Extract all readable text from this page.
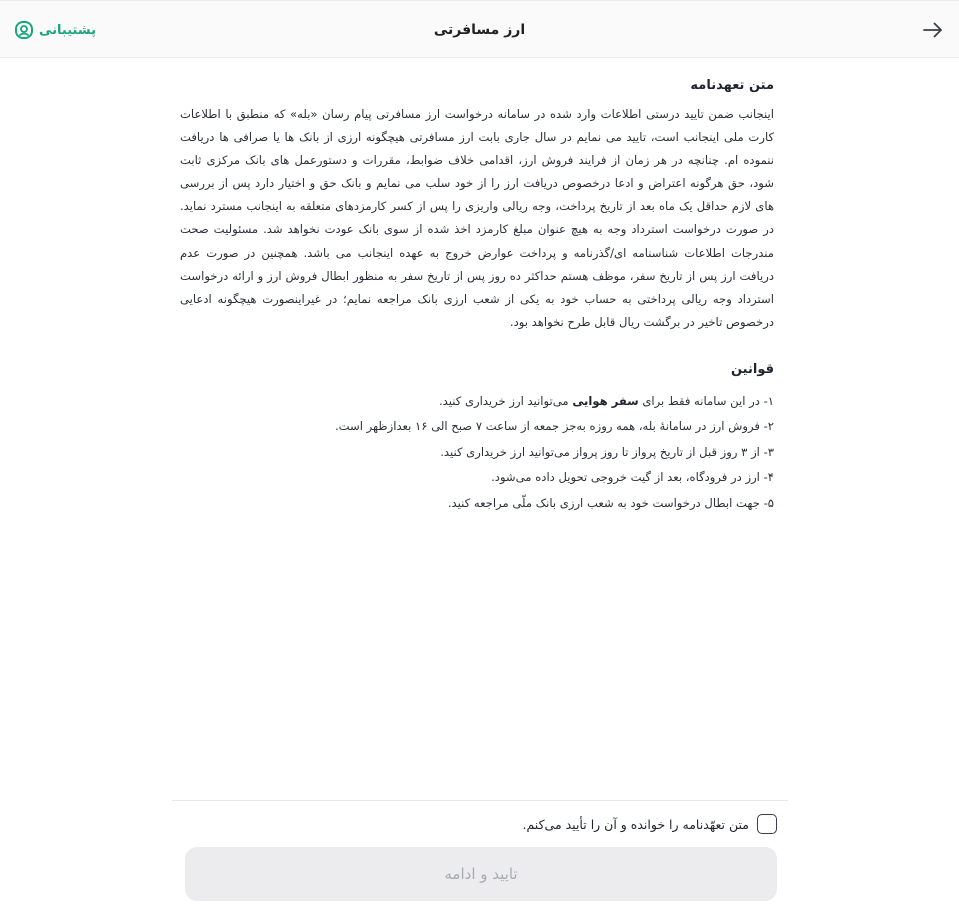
ارز مسافرتی
پشتیبانی
متن تعهدنامه

اینجانب ضمن تایید درستی اطلاعات وارد شده در سامانه درخواست ارز مسافرتی پیام رسان «بله» که منطبق با اطلاعات کارت ملی اینجانب است، تایید می نمایم در سال جاری بابت ارز مسافرتی هیچگونه ارزی از بانک ها یا صرافی ها دریافت ننموده ام. چنانچه در هر زمان از فرایند فروش ارز، اقدامی خلاف ضوابط، مقررات و دستورعمل های بانک مرکزی ثابت شود، حق هرگونه اعتراض و ادعا درخصوص دریافت ارز را از خود سلب می نمایم و بانک حق و اختیار دارد پس از بررسی های لازم حداقل یک ماه بعد از تاریخ پرداخت، وجه ریالی واریزی را پس از کسر کارمزدهای متعلقه به اینجانب مسترد نماید. در صورت درخواست استرداد وجه به هیچ عنوان مبلغ کارمزد اخذ شده از سوی بانک عودت نخواهد شد. مسئولیت صحت مندرجات اطلاعات شناسنامه ای/گذرنامه و پرداخت عوارض خروج به عهده اینجانب می باشد. همچنین در صورت عدم دریافت ارز پس از تاریخ سفر، موظف هستم حداکثر ده روز پس از تاریخ سفر به منظور ابطال فروش ارز و ارائه درخواست استرداد وجه ریالی پرداختی به حساب خود به یکی از شعب ارزی بانک مراجعه نمایم؛ در غیراینصورت هیچگونه ادعایی درخصوص تاخیر در برگشت ریال قابل طرح نخواهد بود.

قوانین
۱- در این سامانه فقط برای سفر هوایی می‌توانید ارز خریداری کنید.
۲- فروش ارز در سامانۀ بله، همه روزه به‌جز جمعه از ساعت ۷ صبح الی ۱۶ بعدازظهر است.
۳- از ۳ روز قبل از تاریخ پرواز تا روز پرواز می‌توانید ارز خریداری کنید.
۴- ارز در فرودگاه، بعد از گیت خروجی تحویل داده می‌شود.
۵- جهت ابطال درخواست خود به شعب ارزی بانک ملّی مراجعه کنید.
متن تعهّدنامه را خوانده و آن را تأیید می‌کنم.
تایید و ادامه
